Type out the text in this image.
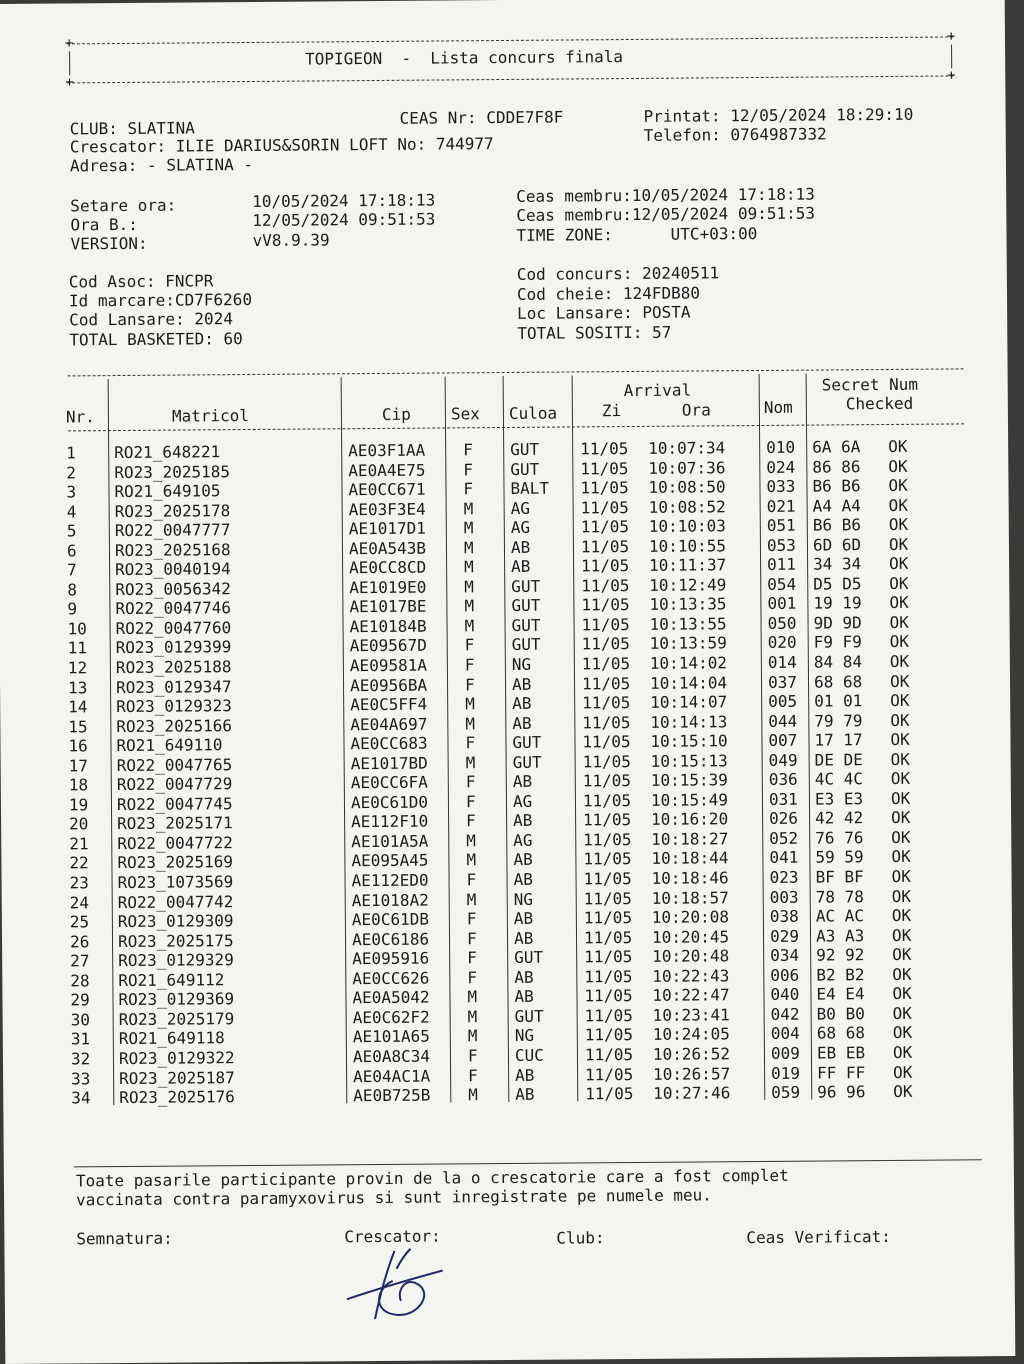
+	+
+	+
TOPIGEON  -  Lista concurs finala
CLUB: SLATINA
CEAS Nr: CDDE7F8F	Printat: 12/05/2024 18:29:10
Crescator: ILIE DARIUS&SORIN LOFT No: 744977	Telefon: 0764987332
Adresa: - SLATINA -
Setare ora:	10/05/2024 17:18:13
Ora B.:	12/05/2024 09:51:53
VERSION:	vV8.9.39
Ceas membru:10/05/2024 17:18:13
Ceas membru:12/05/2024 09:51:53
TIME ZONE:      UTC+03:00
Cod Asoc: FNCPR
Id marcare:CD7F6260
Cod Lansare: 2024
TOTAL BASKETED: 60
Cod concurs: 20240511
Cod cheie: 124FDB80
Loc Lansare: POSTA
TOTAL SOSITI: 57
Nr.	Matricol	Cip Sex Culoa
Arrival
Zi	Ora	Nom
Secret Num
Checked
1 RO21_648221	AE03F1AA F GUT	11/05 10:07:34	010 6A 6A OK
2 RO23_2025185	AE0A4E75 F GUT	11/05 10:07:36	024 86 86 OK
3 RO21_649105	AE0CC671 F BALT 11/05 10:08:50	033 B6 B6 OK
4 RO23_2025178	AE03F3E4 M AG	11/05 10:08:52	021 A4 A4 OK
5 RO22_0047777	AE1017D1 M AG	11/05 10:10:03	051 B6 B6 OK
6 RO23_2025168	AE0A543B M AB	11/05 10:10:55	053 6D 6D OK
7 RO23_0040194	AE0CC8CD M AB	11/05 10:11:37	011 34 34 OK
8 RO23_0056342	AE1019E0 M GUT	11/05 10:12:49	054 D5 D5 OK
9 RO22_0047746	AE1017BE M GUT	11/05 10:13:35	001 19 19 OK
10 RO22_0047760	AE10184B M GUT	11/05 10:13:55	050 9D 9D OK
11 RO23_0129399	AE09567D F GUT	11/05 10:13:59	020 F9 F9 OK
12 RO23_2025188	AE09581A F NG	11/05 10:14:02	014 84 84 OK
13 RO23_0129347	AE0956BA F AB	11/05 10:14:04	037 68 68 OK
14 RO23_0129323	AE0C5FF4 M AB	11/05 10:14:07	005 01 01 OK
15 RO23_2025166	AE04A697 M AB	11/05 10:14:13	044 79 79 OK
16 RO21_649110	AE0CC683 F GUT	11/05 10:15:10	007 17 17 OK
17 RO22_0047765	AE1017BD M GUT	11/05 10:15:13	049 DE DE OK
18 RO22_0047729	AE0CC6FA F AB	11/05 10:15:39	036 4C 4C OK
19 RO22_0047745	AE0C61D0 F AG	11/05 10:15:49	031 E3 E3 OK
20 RO23_2025171	AE112F10 F AB	11/05 10:16:20	026 42 42 OK
21 RO22_0047722	AE101A5A M AG	11/05 10:18:27	052 76 76 OK
22 RO23_2025169	AE095A45 M AB	11/05 10:18:44	041 59 59 OK
23 RO23_1073569	AE112ED0 F AB	11/05 10:18:46	023 BF BF OK
24 RO22_0047742	AE1018A2 M NG	11/05 10:18:57	003 78 78 OK
25 RO23_0129309	AE0C61DB F AB	11/05 10:20:08	038 AC AC OK
26 RO23_2025175	AE0C6186 F AB	11/05 10:20:45	029 A3 A3 OK
27 RO23_0129329	AE095916 F GUT	11/05 10:20:48	034 92 92 OK
28 RO21_649112	AE0CC626 F AB	11/05 10:22:43	006 B2 B2 OK
29 RO23_0129369	AE0A5042 M AB	11/05 10:22:47	040 E4 E4 OK
30 RO23_2025179	AE0C62F2 M GUT	11/05 10:23:41	042 B0 B0 OK
31 RO21_649118	AE101A65 M NG	11/05 10:24:05	004 68 68 OK
32 RO23_0129322	AE0A8C34 F CUC	11/05 10:26:52	009 EB EB OK
33 RO23_2025187	AE04AC1A F AB	11/05 10:26:57	019 FF FF OK
34 RO23_2025176	AE0B725B M AB	11/05 10:27:46	059 96 96 OK
Toate pasarile participante provin de la o crescatorie care a fost complet
vaccinata contra paramyxovirus si sunt inregistrate pe numele meu.
Semnatura:	Crescator:	Club:	Ceas Verificat:
